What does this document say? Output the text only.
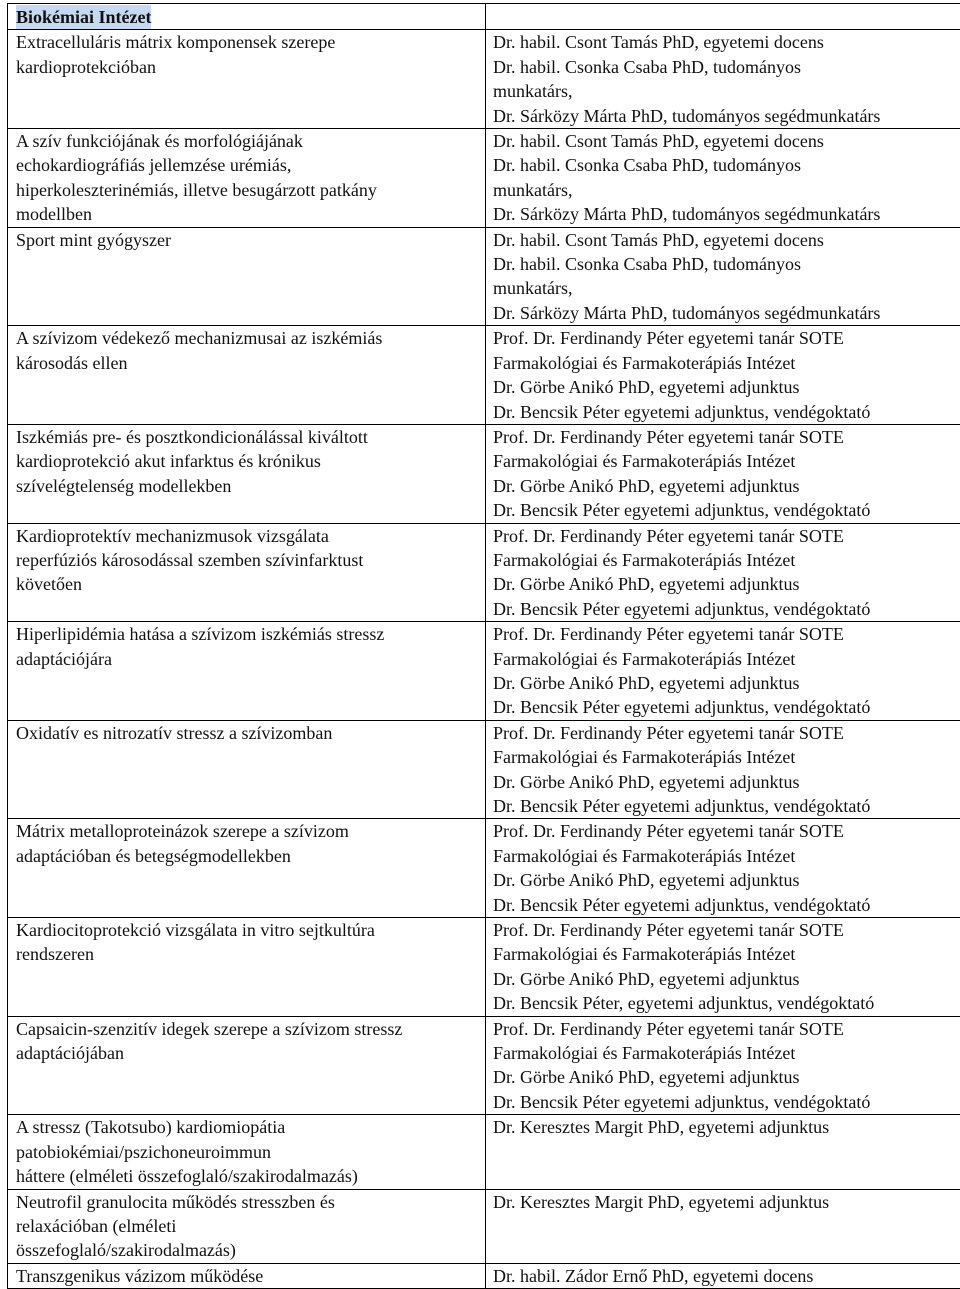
Biokémiai Intézet	

Extracelluláris mátrix komponensek szerepe
kardioprotekcióban	Dr. habil. Csont Tamás PhD, egyetemi docens
Dr. habil. Csonka Csaba PhD, tudományos
munkatárs,
Dr. Sárközy Márta PhD, tudományos segédmunkatárs

A szív funkciójának és morfológiájának
echokardiográfiás jellemzése urémiás,
hiperkoleszterinémiás, illetve besugárzott patkány
modellben	Dr. habil. Csont Tamás PhD, egyetemi docens
Dr. habil. Csonka Csaba PhD, tudományos
munkatárs,
Dr. Sárközy Márta PhD, tudományos segédmunkatárs

Sport mint gyógyszer	Dr. habil. Csont Tamás PhD, egyetemi docens
Dr. habil. Csonka Csaba PhD, tudományos
munkatárs,
Dr. Sárközy Márta PhD, tudományos segédmunkatárs

A szívizom védekező mechanizmusai az iszkémiás
károsodás ellen	Prof. Dr. Ferdinandy Péter egyetemi tanár SOTE
Farmakológiai és Farmakoterápiás Intézet
Dr. Görbe Anikó PhD, egyetemi adjunktus
Dr. Bencsik Péter egyetemi adjunktus, vendégoktató

Iszkémiás pre- és posztkondicionálással kiváltott
kardioprotekció akut infarktus és krónikus
szívelégtelenség modellekben	Prof. Dr. Ferdinandy Péter egyetemi tanár SOTE
Farmakológiai és Farmakoterápiás Intézet
Dr. Görbe Anikó PhD, egyetemi adjunktus
Dr. Bencsik Péter egyetemi adjunktus, vendégoktató

Kardioprotektív mechanizmusok vizsgálata
reperfúziós károsodással szemben szívinfarktust
követően	Prof. Dr. Ferdinandy Péter egyetemi tanár SOTE
Farmakológiai és Farmakoterápiás Intézet
Dr. Görbe Anikó PhD, egyetemi adjunktus
Dr. Bencsik Péter egyetemi adjunktus, vendégoktató

Hiperlipidémia hatása a szívizom iszkémiás stressz
adaptációjára	Prof. Dr. Ferdinandy Péter egyetemi tanár SOTE
Farmakológiai és Farmakoterápiás Intézet
Dr. Görbe Anikó PhD, egyetemi adjunktus
Dr. Bencsik Péter egyetemi adjunktus, vendégoktató

Oxidatív es nitrozatív stressz a szívizomban	Prof. Dr. Ferdinandy Péter egyetemi tanár SOTE
Farmakológiai és Farmakoterápiás Intézet
Dr. Görbe Anikó PhD, egyetemi adjunktus
Dr. Bencsik Péter egyetemi adjunktus, vendégoktató

Mátrix metalloproteinázok szerepe a szívizom
adaptációban és betegségmodellekben	Prof. Dr. Ferdinandy Péter egyetemi tanár SOTE
Farmakológiai és Farmakoterápiás Intézet
Dr. Görbe Anikó PhD, egyetemi adjunktus
Dr. Bencsik Péter egyetemi adjunktus, vendégoktató

Kardiocitoprotekció vizsgálata in vitro sejtkultúra
rendszeren	Prof. Dr. Ferdinandy Péter egyetemi tanár SOTE
Farmakológiai és Farmakoterápiás Intézet
Dr. Görbe Anikó PhD, egyetemi adjunktus
Dr. Bencsik Péter, egyetemi adjunktus, vendégoktató

Capsaicin-szenzitív idegek szerepe a szívizom stressz
adaptációjában	Prof. Dr. Ferdinandy Péter egyetemi tanár SOTE
Farmakológiai és Farmakoterápiás Intézet
Dr. Görbe Anikó PhD, egyetemi adjunktus
Dr. Bencsik Péter egyetemi adjunktus, vendégoktató

A stressz (Takotsubo) kardiomiopátia
patobiokémiai/pszichoneuroimmun
háttere (elméleti összefoglaló/szakirodalmazás)	Dr. Keresztes Margit PhD, egyetemi adjunktus

Neutrofil granulocita működés stresszben és
relaxációban (elméleti
összefoglaló/szakirodalmazás)	Dr. Keresztes Margit PhD, egyetemi adjunktus

Transzgenikus vázizom működése	Dr. habil. Zádor Ernő PhD, egyetemi docens
